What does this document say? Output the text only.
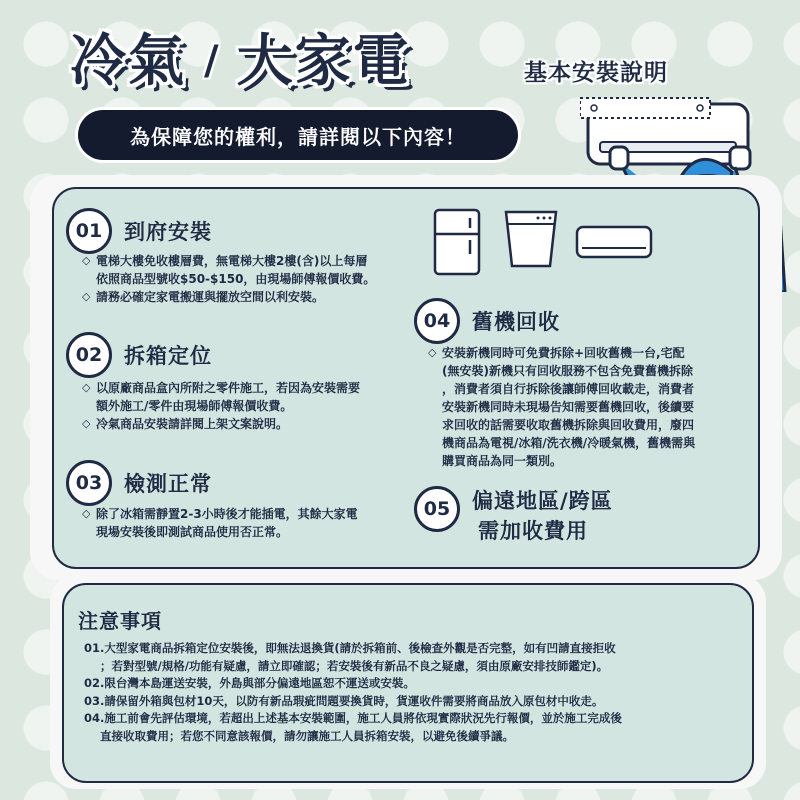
冷氣 / 大家電	基本安裝說明
為保障您的權利，請詳閱以下內容！
01	到府安裝
◇ 電梯大樓免收樓層費，無電梯大樓2樓(含)以上每層
依照商品型號收$50-$150，由現場師傅報價收費。
◇ 請務必確定家電搬運與擺放空間以利安裝。
02	拆箱定位
◇ 以原廠商品盒內所附之零件施工，若因為安裝需要
額外施工/零件由現場師傅報價收費。
◇ 冷氣商品安裝請詳閱上架文案說明。
03	檢測正常
◇ 除了冰箱需靜置2-3小時後才能插電，其餘大家電
現場安裝後即測試商品使用否正常。
04	舊機回收
◇ 安裝新機同時可免費拆除+回收舊機一台,宅配
(無安裝)新機只有回收服務不包含免費舊機拆除
，消費者須自行拆除後讓師傅回收載走，消費者
安裝新機同時未現場告知需要舊機回收，後續要
求回收的話需要收取舊機拆除與回收費用，廢四
機商品為電視/冰箱/洗衣機/冷暖氣機，舊機需與
購買商品為同一類別。
05	偏遠地區/跨區
需加收費用
注意事項
01.大型家電商品拆箱定位安裝後，即無法退換貨(請於拆箱前、後檢查外觀是否完整，如有凹請直接拒收
；若對型號/規格/功能有疑慮，請立即確認；若安裝後有新品不良之疑慮，須由原廠安排技師鑑定)。
02.限台灣本島運送安裝，外島與部分偏遠地區恕不運送或安裝。
03.請保留外箱與包材10天，以防有新品瑕疵問題要換貨時，貨運收件需要將商品放入原包材中收走。
04.施工前會先評估環境，若超出上述基本安裝範圍，施工人員將依現實際狀況先行報價，並於施工完成後
直接收取費用；若您不同意該報價，請勿讓施工人員拆箱安裝，以避免後續爭議。
